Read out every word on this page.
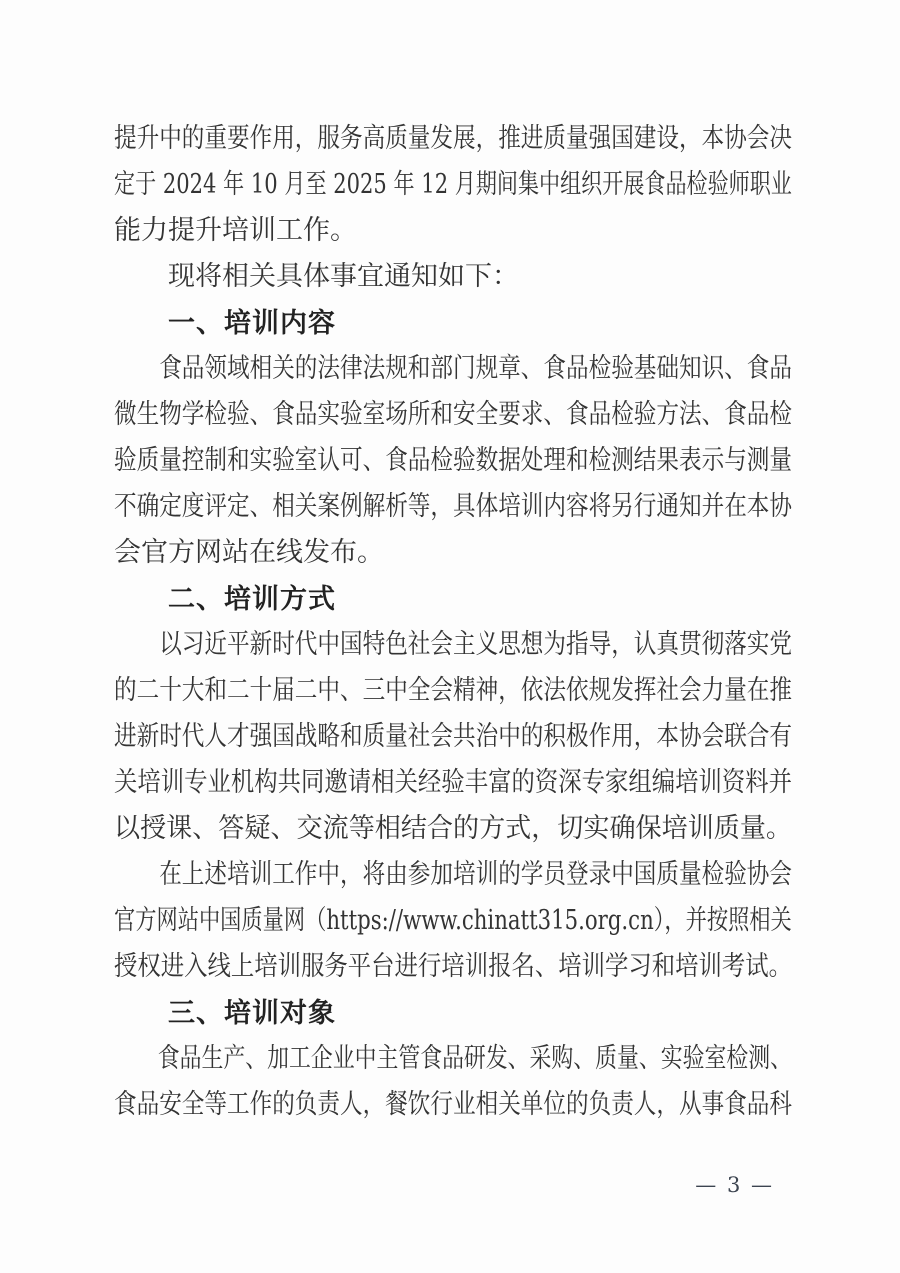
提升中的重要作用，服务高质量发展，推进质量强国建设，本协会决
定于 2024 年 10 月至 2025 年 12 月期间集中组织开展食品检验师职业
能力提升培训工作。
现将相关具体事宜通知如下：
一、培训内容
食品领域相关的法律法规和部门规章、食品检验基础知识、食品
微生物学检验、食品实验室场所和安全要求、食品检验方法、食品检
验质量控制和实验室认可、食品检验数据处理和检测结果表示与测量
不确定度评定、相关案例解析等，具体培训内容将另行通知并在本协
会官方网站在线发布。
二、培训方式
以习近平新时代中国特色社会主义思想为指导，认真贯彻落实党
的二十大和二十届二中、三中全会精神，依法依规发挥社会力量在推
进新时代人才强国战略和质量社会共治中的积极作用，本协会联合有
关培训专业机构共同邀请相关经验丰富的资深专家组编培训资料并
以授课、答疑、交流等相结合的方式，切实确保培训质量。
在上述培训工作中，将由参加培训的学员登录中国质量检验协会
官方网站中国质量网（https://www.chinatt315.org.cn），并按照相关
授权进入线上培训服务平台进行培训报名、培训学习和培训考试。
三、培训对象
食品生产、加工企业中主管食品研发、采购、质量、实验室检测、
食品安全等工作的负责人，餐饮行业相关单位的负责人，从事食品科
— 3 —
